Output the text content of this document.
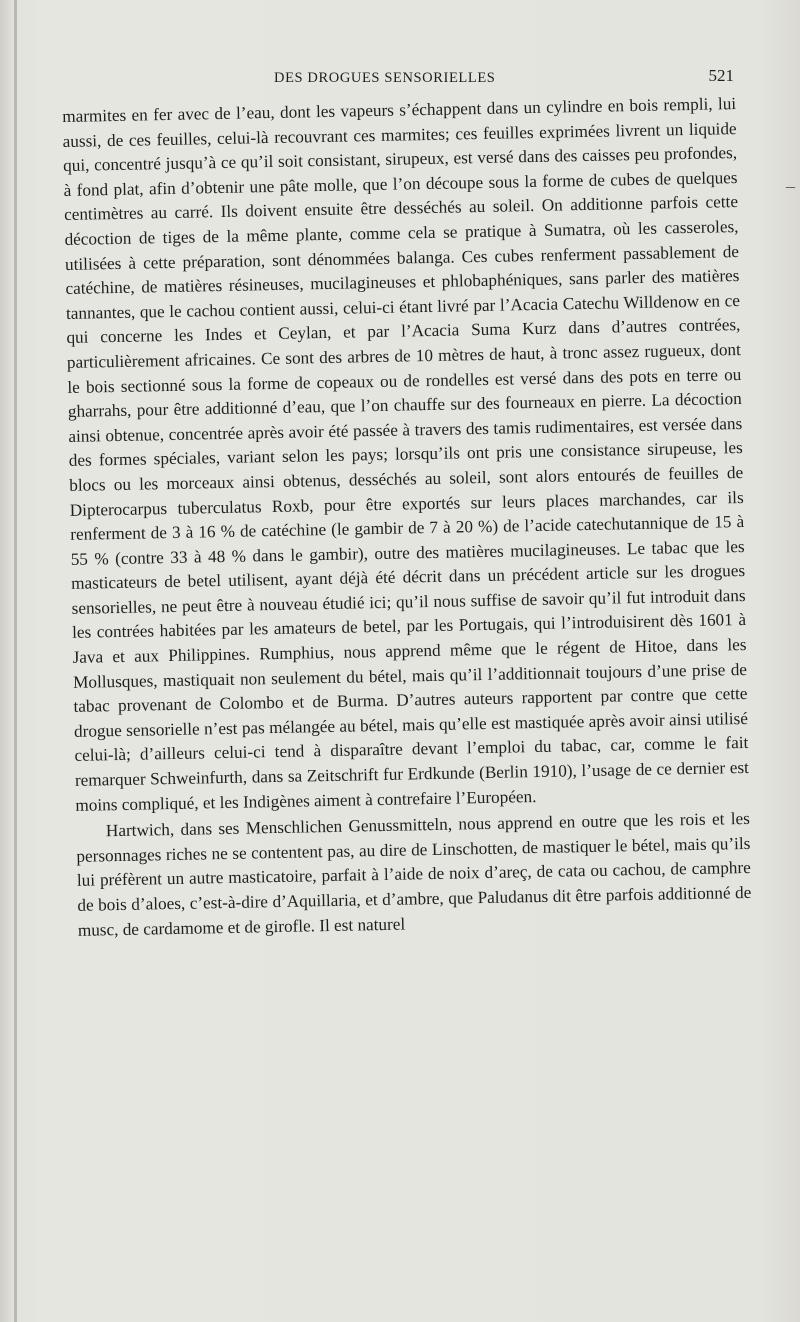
DES DROGUES SENSORIELLES	521
–

marmites en fer avec de l’eau, dont les vapeurs s’échappent dans un cylindre en bois rempli, lui aussi, de ces feuilles, celui-là recouvrant ces marmites; ces feuilles exprimées livrent un liquide qui, concentré jusqu’à ce qu’il soit consistant, sirupeux, est versé dans des caisses peu profondes, à fond plat, afin d’obtenir une pâte molle, que l’on découpe sous la forme de cubes de quelques centimètres au carré. Ils doivent ensuite être desséchés au soleil. On additionne parfois cette décoction de tiges de la même plante, comme cela se pratique à Sumatra, où les casseroles, utilisées à cette préparation, sont dénommées balanga. Ces cubes renferment passablement de catéchine, de matières résineuses, mucilagineuses et phlobaphéniques, sans parler des matières tannantes, que le cachou contient aussi, celui-ci étant livré par l’Acacia Catechu Willdenow en ce qui concerne les Indes et Ceylan, et par l’Acacia Suma Kurz dans d’autres contrées, particulièrement africaines. Ce sont des arbres de 10 mètres de haut, à tronc assez rugueux, dont le bois sectionné sous la forme de copeaux ou de rondelles est versé dans des pots en terre ou gharrahs, pour être additionné d’eau, que l’on chauffe sur des fourneaux en pierre. La décoction ainsi obtenue, concentrée après avoir été passée à travers des tamis rudimentaires, est versée dans des formes spéciales, variant selon les pays; lorsqu’ils ont pris une consistance sirupeuse, les blocs ou les morceaux ainsi obtenus, desséchés au soleil, sont alors entourés de feuilles de Dipterocarpus tuberculatus Roxb, pour être exportés sur leurs places marchandes, car ils renferment de 3 à 16 % de catéchine (le gambir de 7 à 20 %) de l’acide catechutannique de 15 à 55 % (contre 33 à 48 % dans le gambir), outre des matières mucilagineuses. Le tabac que les masticateurs de betel utilisent, ayant déjà été décrit dans un précédent article sur les drogues sensorielles, ne peut être à nouveau étudié ici; qu’il nous suffise de savoir qu’il fut introduit dans les contrées habitées par les amateurs de betel, par les Portugais, qui l’introduisirent dès 1601 à Java et aux Philippines. Rumphius, nous apprend même que le régent de Hitoe, dans les Mollusques, mastiquait non seulement du bétel, mais qu’il l’additionnait toujours d’une prise de tabac provenant de Colombo et de Burma. D’autres auteurs rapportent par contre que cette drogue sensorielle n’est pas mélangée au bétel, mais qu’elle est mastiquée après avoir ainsi utilisé celui-là; d’ailleurs celui-ci tend à disparaître devant l’emploi du tabac, car, comme le fait remarquer Schweinfurth, dans sa Zeitschrift fur Erdkunde (Berlin 1910), l’usage de ce dernier est moins compliqué, et les Indigènes aiment à contrefaire l’Européen.

Hartwich, dans ses Menschlichen Genussmitteln, nous apprend en outre que les rois et les personnages riches ne se contentent pas, au dire de Linschotten, de mastiquer le bétel, mais qu’ils lui préfèrent un autre masticatoire, parfait à l’aide de noix d’areç, de cata ou cachou, de camphre de bois d’aloes, c’est-à-dire d’Aquillaria, et d’ambre, que Paludanus dit être parfois additionné de musc, de cardamome et de girofle. Il est naturel
